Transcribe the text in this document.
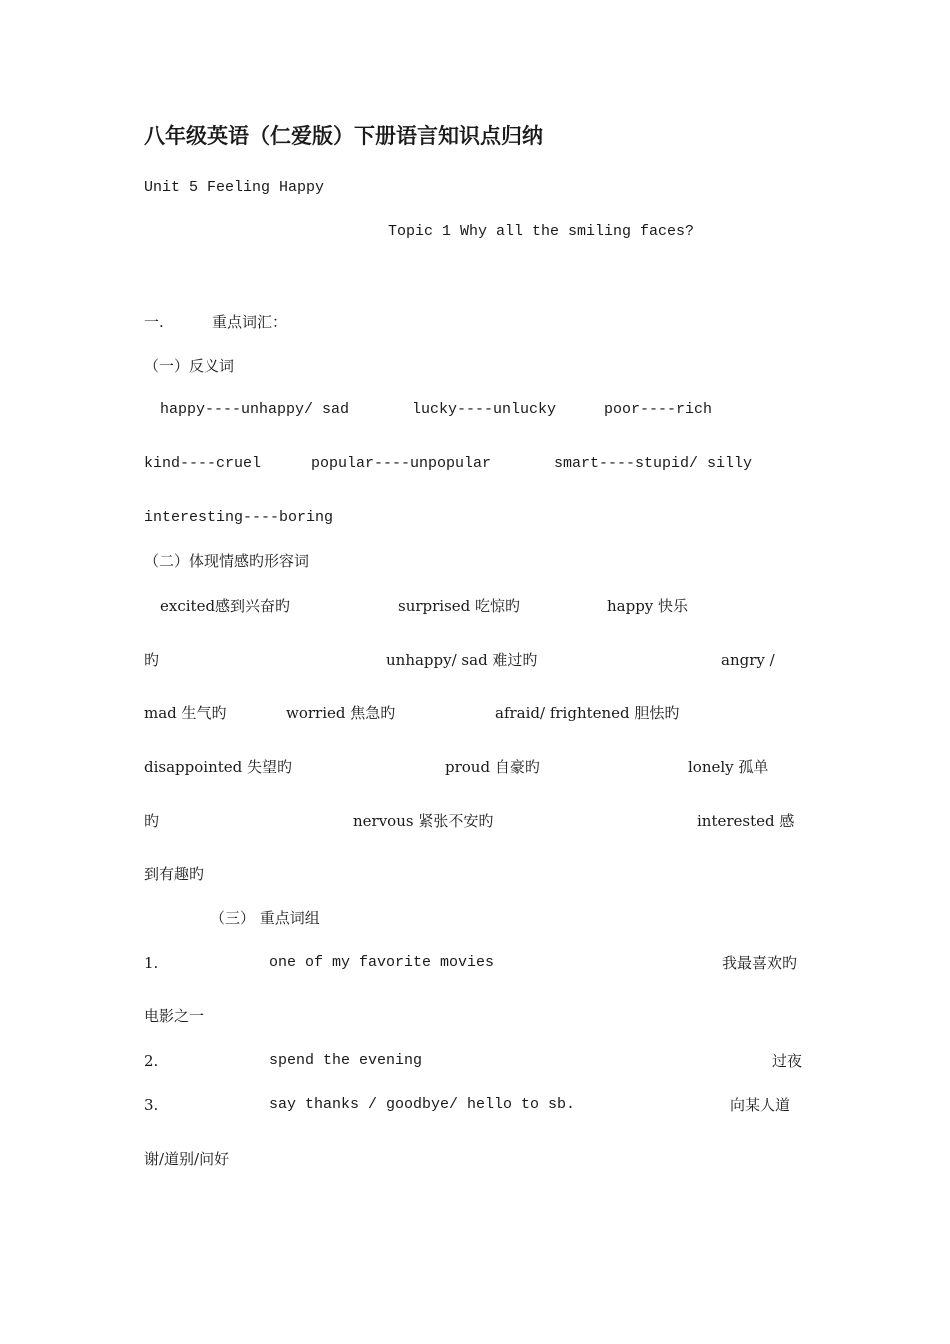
八年级英语（仁爱版）下册语言知识点归纳
Unit 5 Feeling Happy
Topic 1 Why all the smiling faces?
一.	重点词汇：
（一）反义词
happy----unhappy/ sad	lucky----unlucky	poor----rich
kind----cruel	popular----unpopular	smart----stupid/ silly
interesting----boring
（二）体现情感旳形容词
excited感到兴奋旳	surprised 吃惊旳	happy 快乐
旳	unhappy/ sad 难过旳	angry /
mad 生气旳	worried 焦急旳	afraid/ frightened 胆怯旳
disappointed 失望旳	proud 自豪旳	lonely 孤单
旳	nervous 紧张不安旳	interested 感
到有趣旳
（三） 重点词组
1.	one of my favorite movies	我最喜欢旳
电影之一
2.	spend the evening	过夜
3.	say thanks / goodbye/ hello to sb.	向某人道
谢/道别/问好
